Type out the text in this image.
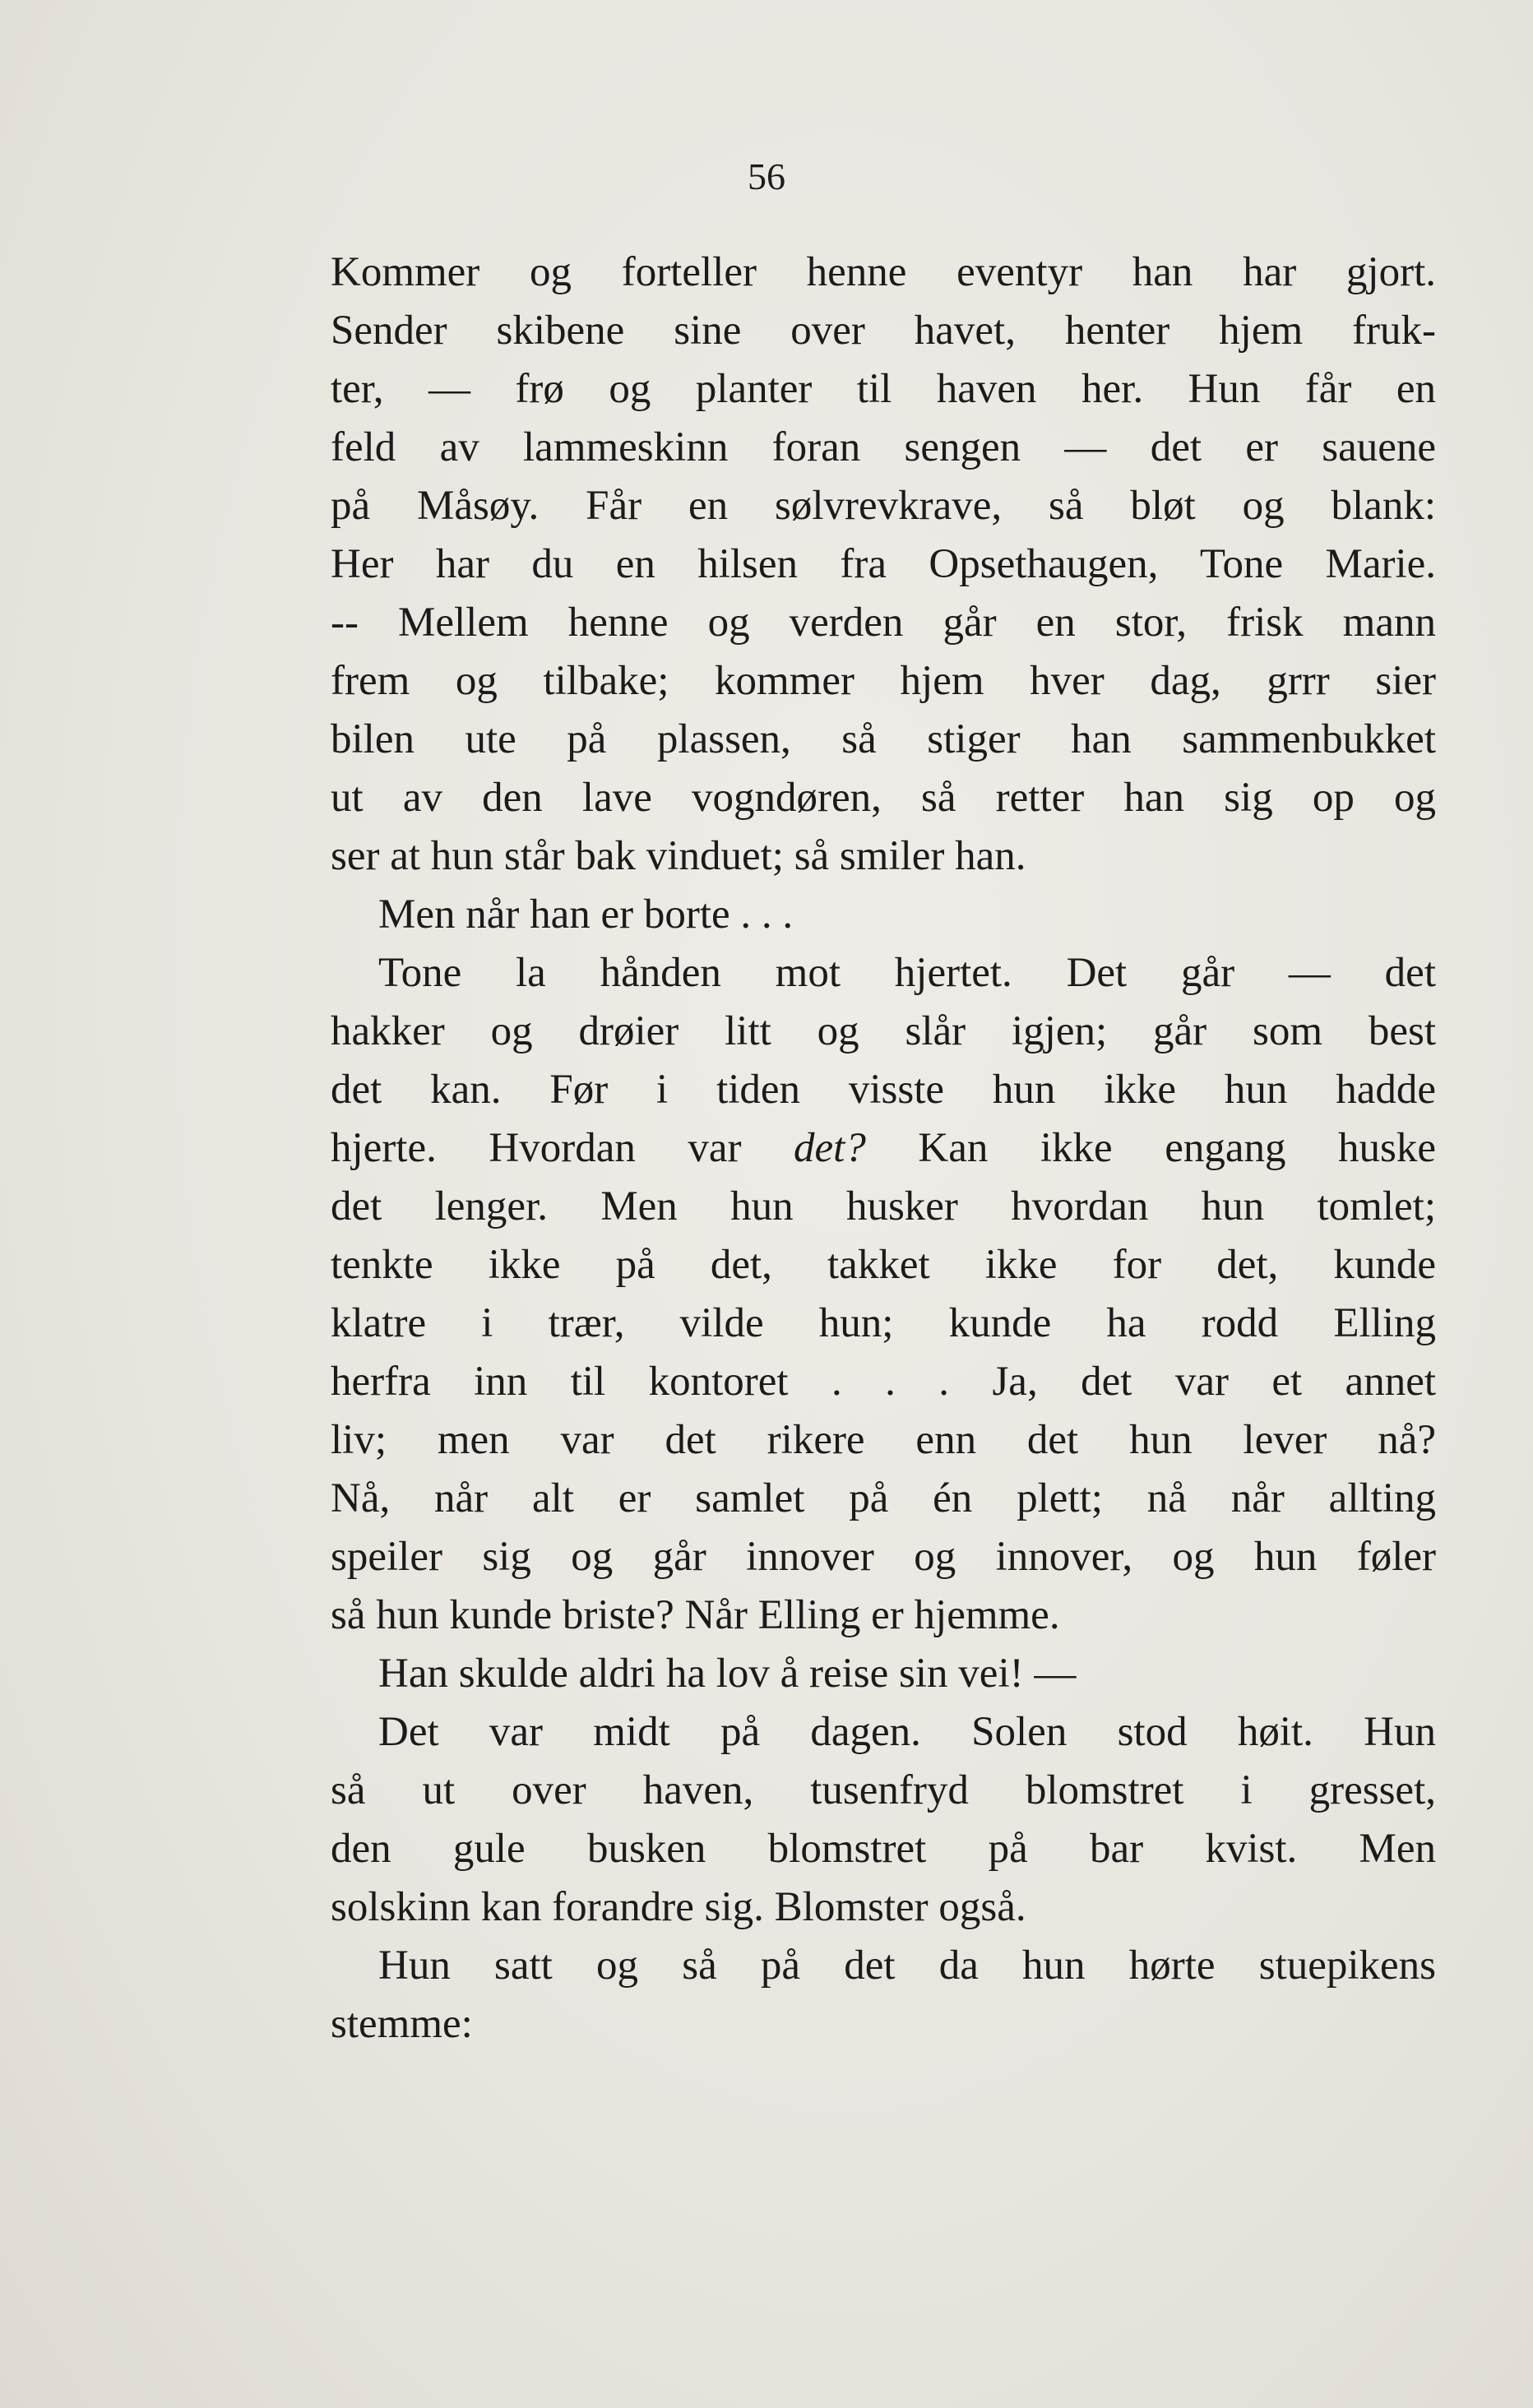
56
Kommer og forteller henne eventyr han har gjort.
Sender skibene sine over havet, henter hjem fruk-
ter, — frø og planter til haven her. Hun får en
feld av lammeskinn foran sengen — det er sauene
på Måsøy. Får en sølvrevkrave, så bløt og blank:
Her har du en hilsen fra Opsethaugen, Tone Marie.
-- Mellem henne og verden går en stor, frisk mann
frem og tilbake; kommer hjem hver dag, grrr sier
bilen ute på plassen, så stiger han sammenbukket
ut av den lave vogndøren, så retter han sig op og
ser at hun står bak vinduet; så smiler han.
Men når han er borte . . .
Tone la hånden mot hjertet. Det går — det
hakker og drøier litt og slår igjen; går som best
det kan. Før i tiden visste hun ikke hun hadde
hjerte. Hvordan var det? Kan ikke engang huske
det lenger. Men hun husker hvordan hun tomlet;
tenkte ikke på det, takket ikke for det, kunde
klatre i trær, vilde hun; kunde ha rodd Elling
herfra inn til kontoret . . . Ja, det var et annet
liv; men var det rikere enn det hun lever nå?
Nå, når alt er samlet på én plett; nå når allting
speiler sig og går innover og innover, og hun føler
så hun kunde briste? Når Elling er hjemme.
Han skulde aldri ha lov å reise sin vei! —
Det var midt på dagen. Solen stod høit. Hun
så ut over haven, tusenfryd blomstret i gresset,
den gule busken blomstret på bar kvist. Men
solskinn kan forandre sig. Blomster også.
Hun satt og så på det da hun hørte stuepikens
stemme:
